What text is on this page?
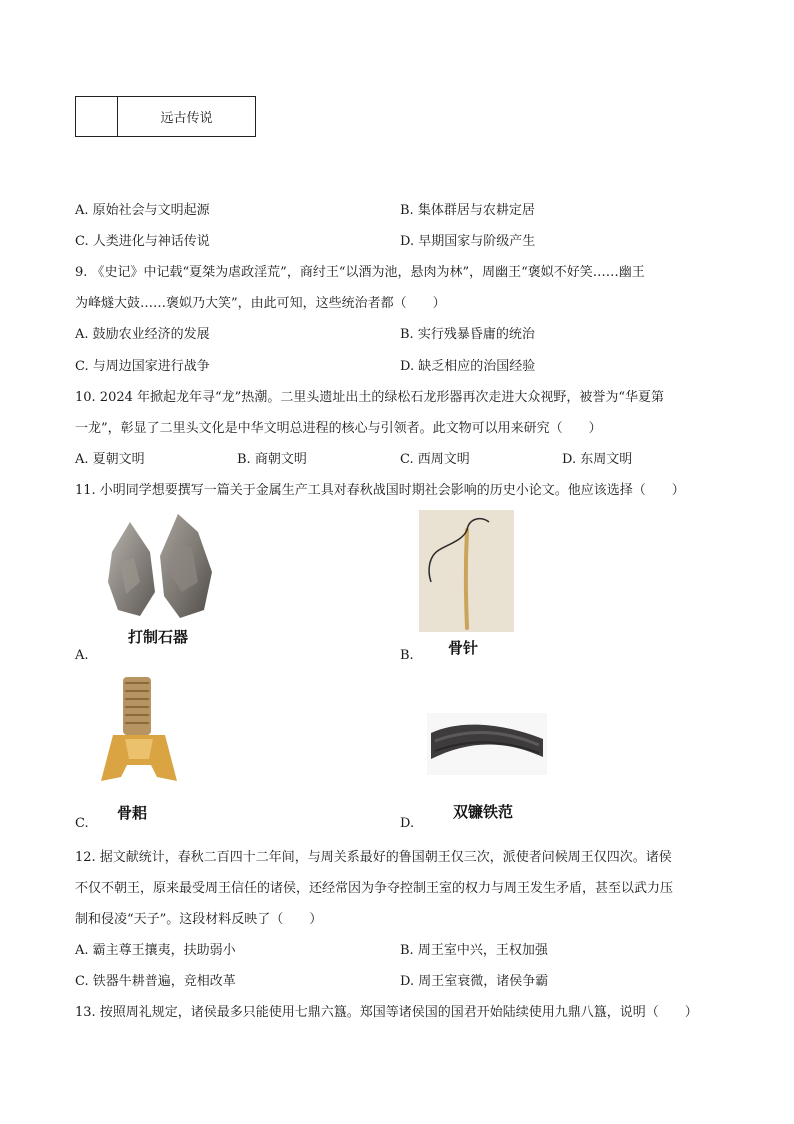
远古传说
A. 原始社会与文明起源	B. 集体群居与农耕定居
C. 人类进化与神话传说	D. 早期国家与阶级产生
9. 《史记》中记载“夏桀为虐政淫荒”，商纣王“以酒为池，悬肉为林”，周幽王“褒姒不好笑……幽王
为峰燧大鼓……褒姒乃大笑”，由此可知，这些统治者都（　　）
A. 鼓励农业经济的发展	B. 实行残暴昏庸的统治
C. 与周边国家进行战争	D. 缺乏相应的治国经验
10. 2024 年掀起龙年寻“龙”热潮。二里头遗址出土的绿松石龙形器再次走进大众视野，被誉为“华夏第
一龙”，彰显了二里头文化是中华文明总进程的核心与引领者。此文物可以用来研究（　　）
A. 夏朝文明	B. 商朝文明	C. 西周文明	D. 东周文明
11. 小明同学想要撰写一篇关于金属生产工具对春秋战国时期社会影响的历史小论文。他应该选择（　　）
打制石器
A.	骨针
B.
骨耜
C.
双镰铁范
D.
12. 据文献统计，春秋二百四十二年间，与周关系最好的鲁国朝王仅三次，派使者问候周王仅四次。诸侯
不仅不朝王，原来最受周王信任的诸侯，还经常因为争夺控制王室的权力与周王发生矛盾，甚至以武力压
制和侵凌“天子”。这段材料反映了（　　）
A. 霸主尊王攘夷，扶助弱小	B. 周王室中兴，王权加强
C. 铁器牛耕普遍，竞相改革	D. 周王室衰微，诸侯争霸
13. 按照周礼规定，诸侯最多只能使用七鼎六簋。郑国等诸侯国的国君开始陆续使用九鼎八簋，说明（　　）
